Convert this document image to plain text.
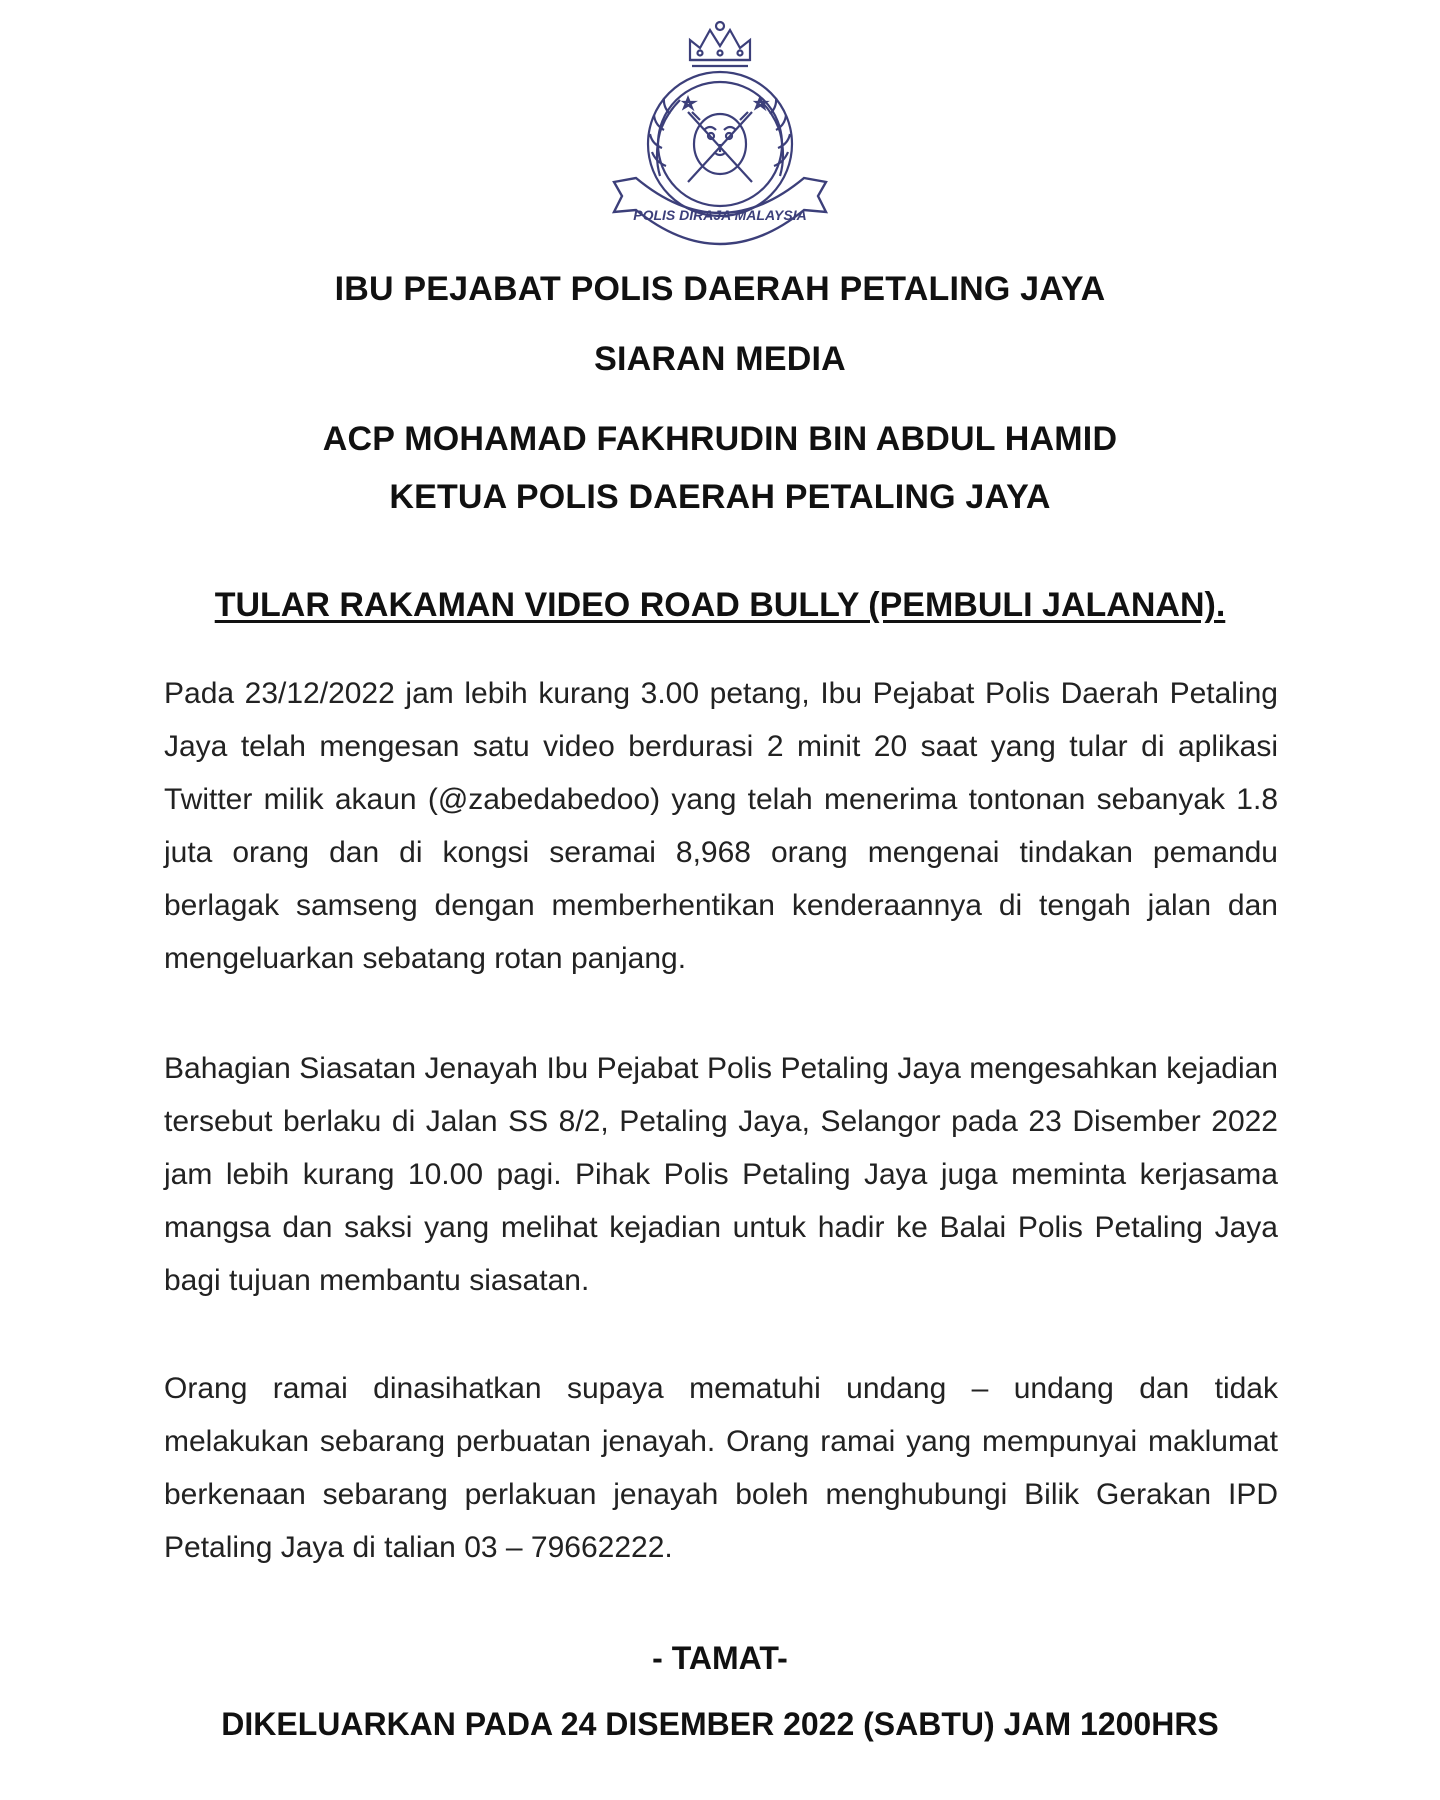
POLIS DIRAJA MALAYSIA
IBU PEJABAT POLIS DAERAH PETALING JAYA
SIARAN MEDIA
ACP MOHAMAD FAKHRUDIN BIN ABDUL HAMID
KETUA POLIS DAERAH PETALING JAYA
TULAR RAKAMAN VIDEO ROAD BULLY (PEMBULI JALANAN).

Pada 23/12/2022 jam lebih kurang 3.00 petang, Ibu Pejabat Polis Daerah Petaling Jaya telah mengesan satu video berdurasi 2 minit 20 saat yang tular di aplikasi Twitter milik akaun (@zabedabedoo) yang telah menerima tontonan sebanyak 1.8 juta orang dan di kongsi seramai 8,968 orang mengenai tindakan pemandu berlagak samseng dengan memberhentikan kenderaannya di tengah jalan dan mengeluarkan sebatang rotan panjang.

Bahagian Siasatan Jenayah Ibu Pejabat Polis Petaling Jaya mengesahkan kejadian tersebut berlaku di Jalan SS 8/2, Petaling Jaya, Selangor pada 23 Disember 2022 jam lebih kurang 10.00 pagi. Pihak Polis Petaling Jaya juga meminta kerjasama mangsa dan saksi yang melihat kejadian untuk hadir ke Balai Polis Petaling Jaya bagi tujuan membantu siasatan.

Orang ramai dinasihatkan supaya mematuhi undang – undang dan tidak melakukan sebarang perbuatan jenayah. Orang ramai yang mempunyai maklumat berkenaan sebarang perlakuan jenayah boleh menghubungi Bilik Gerakan IPD Petaling Jaya di talian 03 – 79662222.

- TAMAT-
DIKELUARKAN PADA 24 DISEMBER 2022 (SABTU) JAM 1200HRS
